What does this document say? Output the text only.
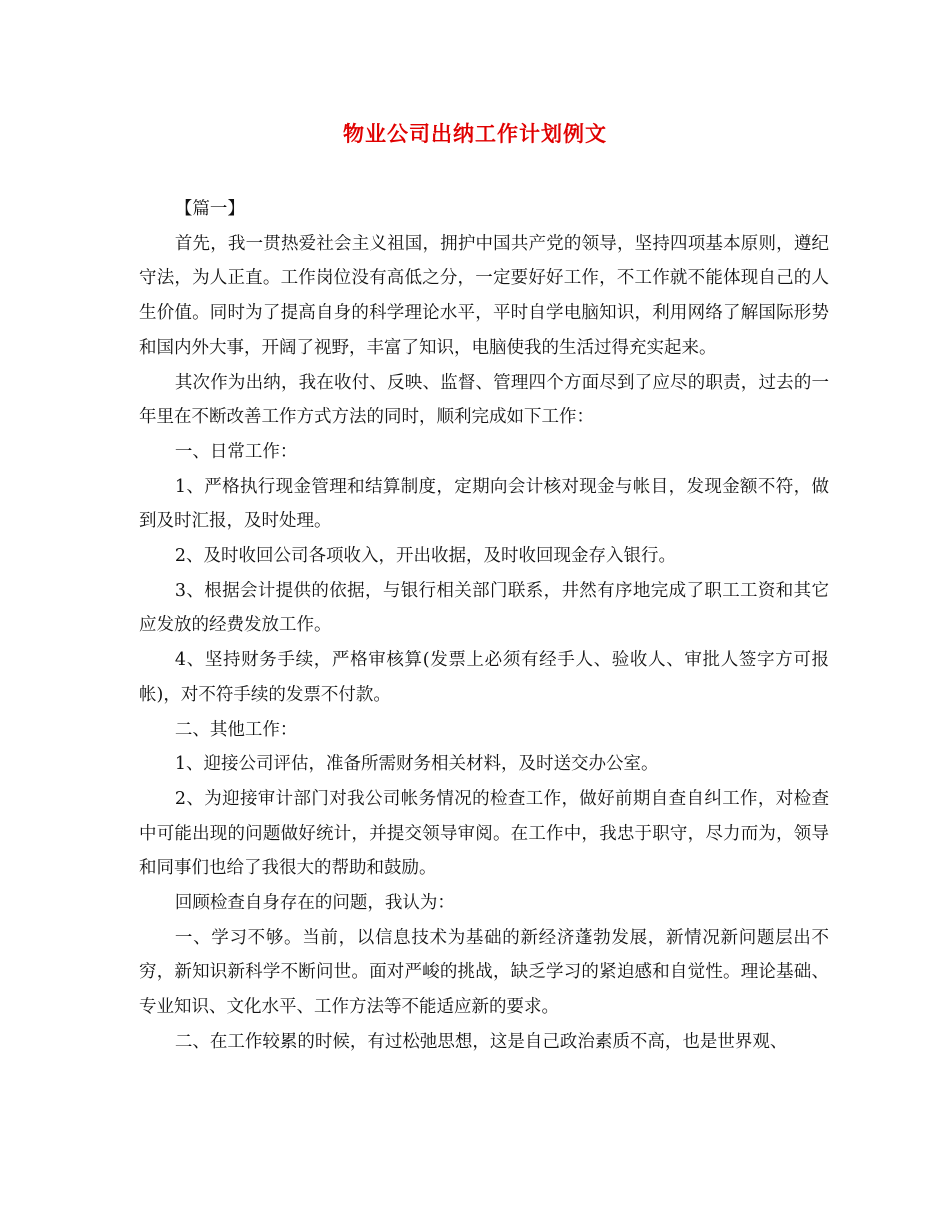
物业公司出纳工作计划例文

【篇一】

首先，我一贯热爱社会主义祖国，拥护中国共产党的领导，坚持四项基本原则，遵纪守法，为人正直。工作岗位没有高低之分，一定要好好工作，不工作就不能体现自己的人生价值。同时为了提高自身的科学理论水平，平时自学电脑知识，利用网络了解国际形势和国内外大事，开阔了视野，丰富了知识，电脑使我的生活过得充实起来。

其次作为出纳，我在收付、反映、监督、管理四个方面尽到了应尽的职责，过去的一年里在不断改善工作方式方法的同时，顺利完成如下工作：

一、日常工作：

1、严格执行现金管理和结算制度，定期向会计核对现金与帐目，发现金额不符，做到及时汇报，及时处理。

2、及时收回公司各项收入，开出收据，及时收回现金存入银行。

3、根据会计提供的依据，与银行相关部门联系，井然有序地完成了职工工资和其它应发放的经费发放工作。

4、坚持财务手续，严格审核算(发票上必须有经手人、验收人、审批人签字方可报帐)，对不符手续的发票不付款。

二、其他工作：

1、迎接公司评估，准备所需财务相关材料，及时送交办公室。

2、为迎接审计部门对我公司帐务情况的检查工作，做好前期自查自纠工作，对检查中可能出现的问题做好统计，并提交领导审阅。在工作中，我忠于职守，尽力而为，领导和同事们也给了我很大的帮助和鼓励。

回顾检查自身存在的问题，我认为：

一、学习不够。当前，以信息技术为基础的新经济蓬勃发展，新情况新问题层出不穷，新知识新科学不断问世。面对严峻的挑战，缺乏学习的紧迫感和自觉性。理论基础、专业知识、文化水平、工作方法等不能适应新的要求。

二、在工作较累的时候，有过松弛思想，这是自己政治素质不高，也是世界观、
